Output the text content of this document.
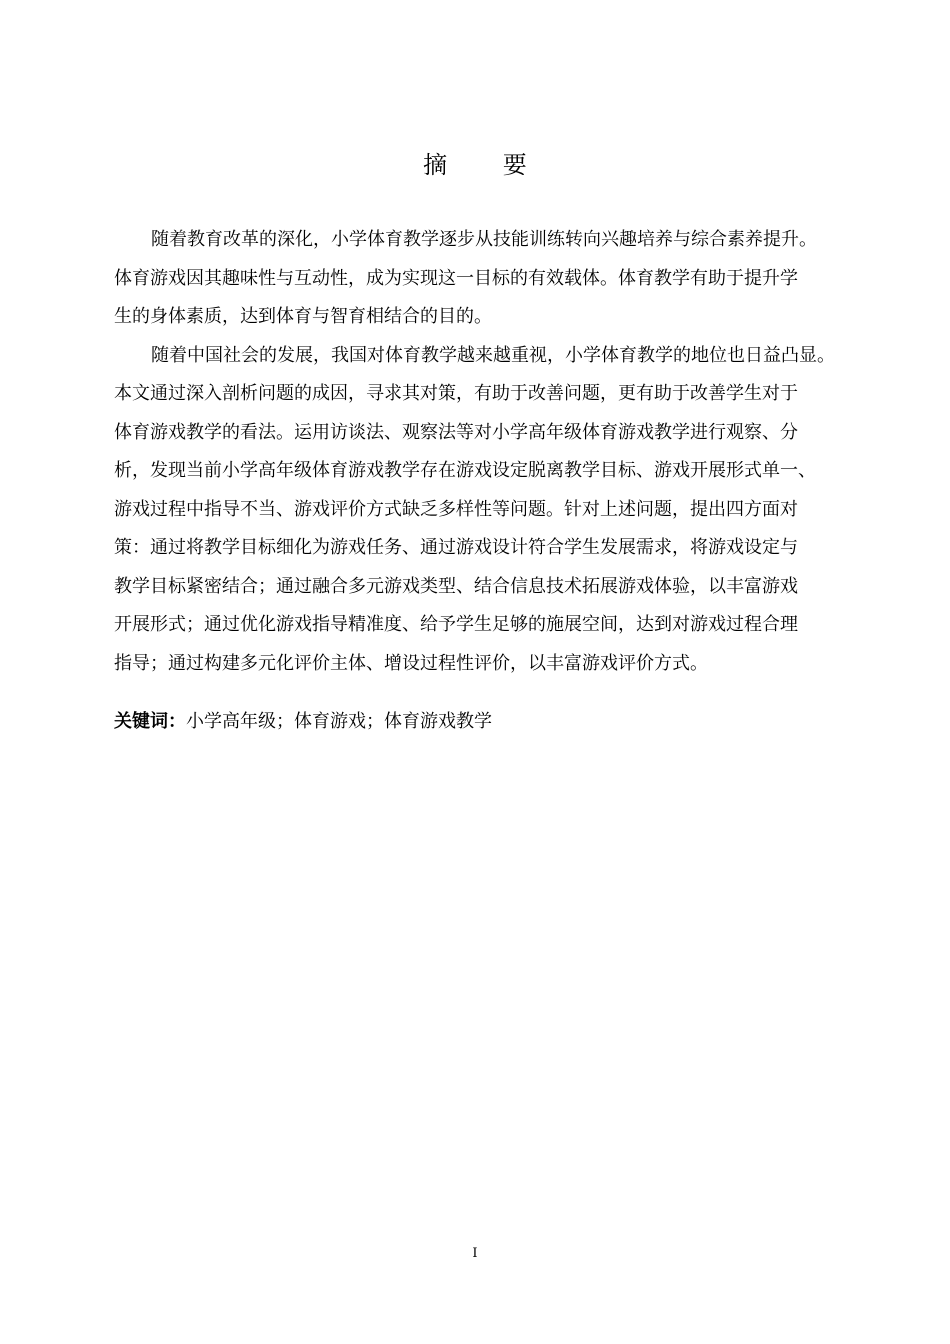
摘 要
随着教育改革的深化，小学体育教学逐步从技能训练转向兴趣培养与综合素养提升。
体育游戏因其趣味性与互动性，成为实现这一目标的有效载体。体育教学有助于提升学
生的身体素质，达到体育与智育相结合的目的。
随着中国社会的发展，我国对体育教学越来越重视，小学体育教学的地位也日益凸显。
本文通过深入剖析问题的成因，寻求其对策，有助于改善问题，更有助于改善学生对于
体育游戏教学的看法。运用访谈法、观察法等对小学高年级体育游戏教学进行观察、分
析，发现当前小学高年级体育游戏教学存在游戏设定脱离教学目标、游戏开展形式单一、
游戏过程中指导不当、游戏评价方式缺乏多样性等问题。针对上述问题，提出四方面对
策：通过将教学目标细化为游戏任务、通过游戏设计符合学生发展需求，将游戏设定与
教学目标紧密结合；通过融合多元游戏类型、结合信息技术拓展游戏体验，以丰富游戏
开展形式；通过优化游戏指导精准度、给予学生足够的施展空间，达到对游戏过程合理
指导；通过构建多元化评价主体、增设过程性评价，以丰富游戏评价方式。
关键词：小学高年级；体育游戏；体育游戏教学
I
